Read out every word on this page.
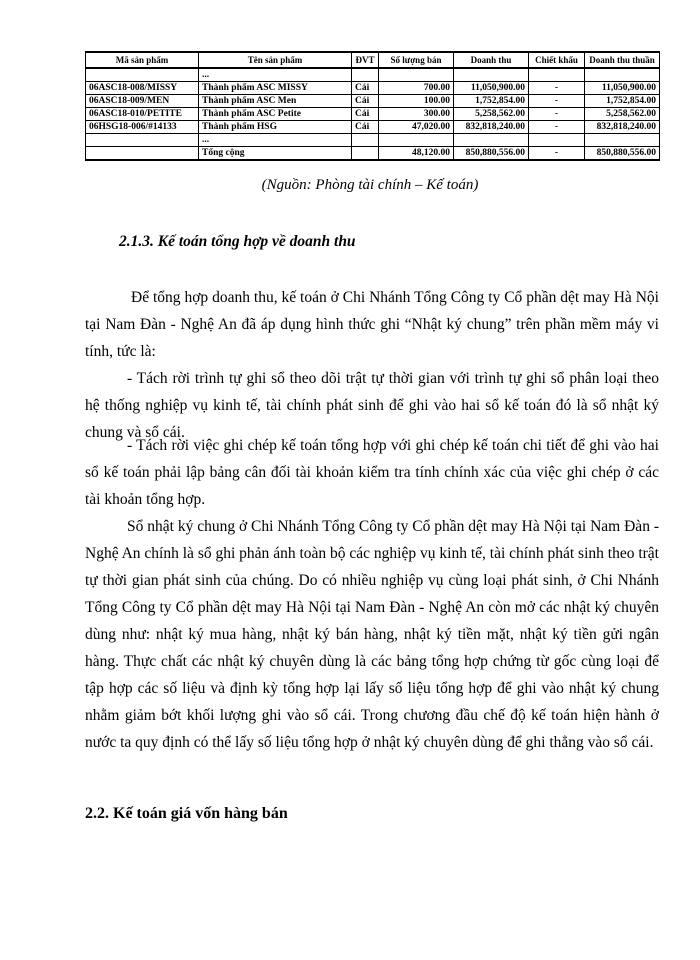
Mã sản phẩm	Tên sản phẩm	ĐVT	Số lượng bán	Doanh thu	Chiết khấu	Doanh thu thuần
	...					
06ASC18-008/MISSY	Thành phẩm ASC MISSY	Cái	700.00	11,050,900.00	-	11,050,900.00
06ASC18-009/MEN	Thành phẩm ASC Men	Cái	100.00	1,752,854.00	-	1,752,854.00
06ASC18-010/PETITE	Thành phẩm ASC Petite	Cái	300.00	5,258,562.00	-	5,258,562.00
06HSG18-006/#14133	Thành phẩm HSG	Cái	47,020.00	832,818,240.00	-	832,818,240.00
	...					
	Tổng cộng		48,120.00	850,880,556.00	-	850,880,556.00
(Nguồn: Phòng tài chính – Kế toán)
2.1.3. Kế toán tổng hợp về doanh thu

Để tổng hợp doanh thu, kế toán ở Chi Nhánh Tổng Công ty Cổ phần dệt may Hà Nội tại Nam Đàn - Nghệ An đã áp dụng hình thức ghi “Nhật ký chung” trên phần mềm máy vi tính, tức là:

- Tách rời trình tự ghi sổ theo dõi trật tự thời gian với trình tự ghi sổ phân loại theo hệ thống nghiệp vụ kinh tế, tài chính phát sinh để ghi vào hai sổ kế toán đó là sổ nhật ký chung và sổ cái.

- Tách rời việc ghi chép kế toán tổng hợp với ghi chép kế toán chi tiết để ghi vào hai sổ kế toán phải lập bảng cân đối tài khoản kiểm tra tính chính xác của việc ghi chép ở các tài khoản tổng hợp.

Sổ nhật ký chung ở Chi Nhánh Tổng Công ty Cổ phần dệt may Hà Nội tại Nam Đàn - Nghệ An chính là sổ ghi phản ánh toàn bộ các nghiệp vụ kinh tế, tài chính phát sinh theo trật tự thời gian phát sinh của chúng. Do có nhiều nghiệp vụ cùng loại phát sinh, ở Chi Nhánh Tổng Công ty Cổ phần dệt may Hà Nội tại Nam Đàn - Nghệ An còn mở các nhật ký chuyên dùng như: nhật ký mua hàng, nhật ký bán hàng, nhật ký tiền mặt, nhật ký tiền gửi ngân hàng. Thực chất các nhật ký chuyên dùng là các bảng tổng hợp chứng từ gốc cùng loại để tập hợp các số liệu và định kỳ tổng hợp lại lấy số liệu tổng hợp để ghi vào nhật ký chung nhằm giảm bớt khối lượng ghi vào sổ cái. Trong chương đầu chế độ kế toán hiện hành ở nước ta quy định có thể lấy số liệu tổng hợp ở nhật ký chuyên dùng để ghi thẳng vào sổ cái.

2.2. Kế toán giá vốn hàng bán
